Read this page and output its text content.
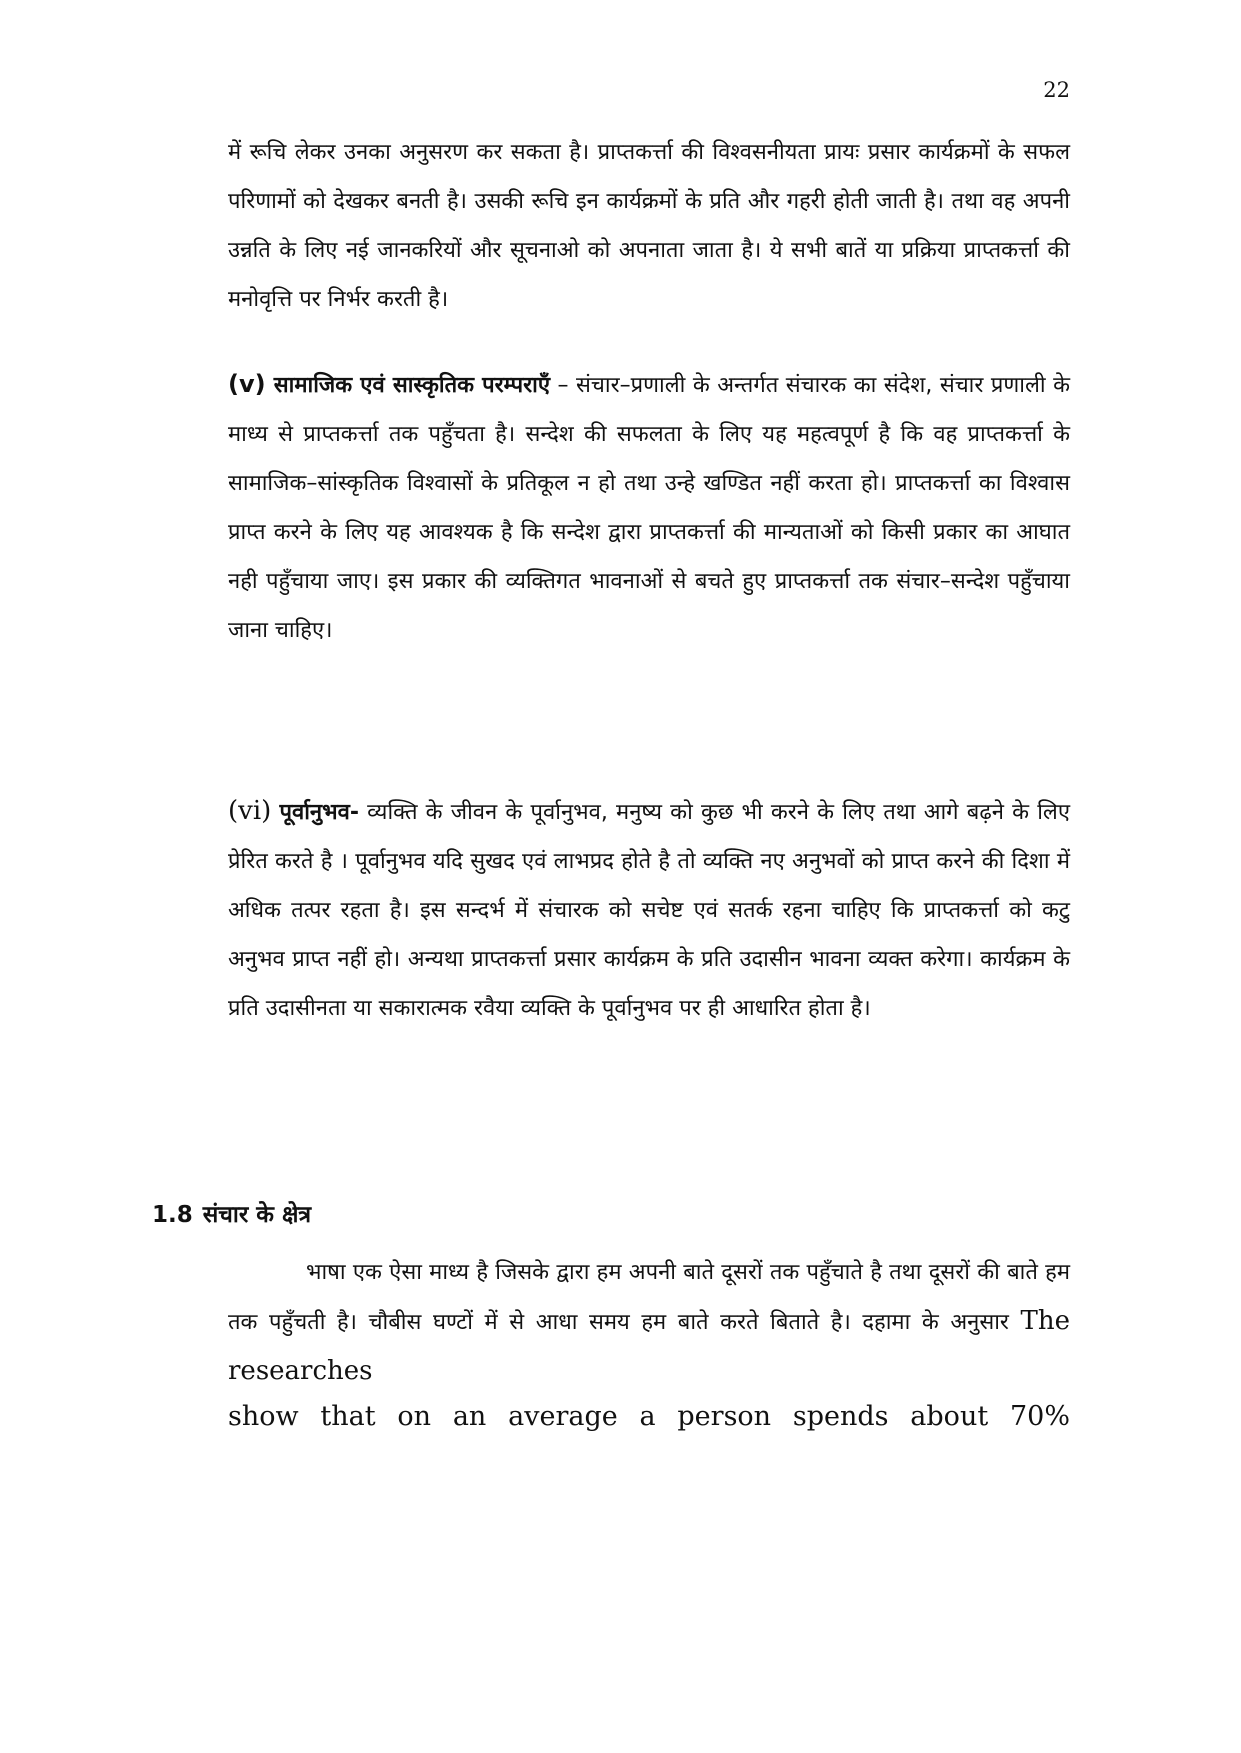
22
में रूचि लेकर उनका अनुसरण कर सकता है। प्राप्तकर्त्ता की विश्वसनीयता प्रायः प्रसार कार्यक्रमों के सफल परिणामों को देखकर बनती है। उसकी रूचि इन कार्यक्रमों के प्रति और गहरी होती जाती है। तथा वह अपनी उन्नति के लिए नई जानकरियों और सूचनाओ को अपनाता जाता है। ये सभी बातें या प्रक्रिया प्राप्तकर्त्ता की मनोवृत्ति पर निर्भर करती है।
(v) सामाजिक एवं सास्कृतिक परम्पराएँ – संचार–प्रणाली के अन्तर्गत संचारक का संदेश, संचार प्रणाली के माध्य से प्राप्तकर्त्ता तक पहुँचता है। सन्देश की सफलता के लिए यह महत्वपूर्ण है कि वह प्राप्तकर्त्ता के सामाजिक–सांस्कृतिक विश्वासों के प्रतिकूल न हो तथा उन्हे खण्डित नहीं करता हो। प्राप्तकर्त्ता का विश्वास प्राप्त करने के लिए यह आवश्यक है कि सन्देश द्वारा प्राप्तकर्त्ता की मान्यताओं को किसी प्रकार का आघात नही पहुँचाया जाए। इस प्रकार की व्यक्तिगत भावनाओं से बचते हुए प्राप्तकर्त्ता तक संचार–सन्देश पहुँचाया जाना चाहिए।
(vi) पूर्वानुभव- व्यक्ति के जीवन के पूर्वानुभव, मनुष्य को कुछ भी करने के लिए तथा आगे बढ़ने के लिए प्रेरित करते है । पूर्वानुभव यदि सुखद एवं लाभप्रद होते है तो व्यक्ति नए अनुभवों को प्राप्त करने की दिशा में अधिक तत्पर रहता है। इस सन्दर्भ में संचारक को सचेष्ट एवं सतर्क रहना चाहिए कि प्राप्तकर्त्ता को कटु अनुभव प्राप्त नहीं हो। अन्यथा प्राप्तकर्त्ता प्रसार कार्यक्रम के प्रति उदासीन भावना व्यक्त करेगा। कार्यक्रम के प्रति उदासीनता या सकारात्मक रवैया व्यक्ति के पूर्वानुभव पर ही आधारित होता है।
1.8 संचार के क्षेत्र
भाषा एक ऐसा माध्य है जिसके द्वारा हम अपनी बाते दूसरों तक पहुँचाते है तथा दूसरों की बाते हम तक पहुँचती है। चौबीस घण्टों में से आधा समय हम बाते करते बिताते है। दहामा के अनुसार The researches
show that on an average a person spends about 70%
